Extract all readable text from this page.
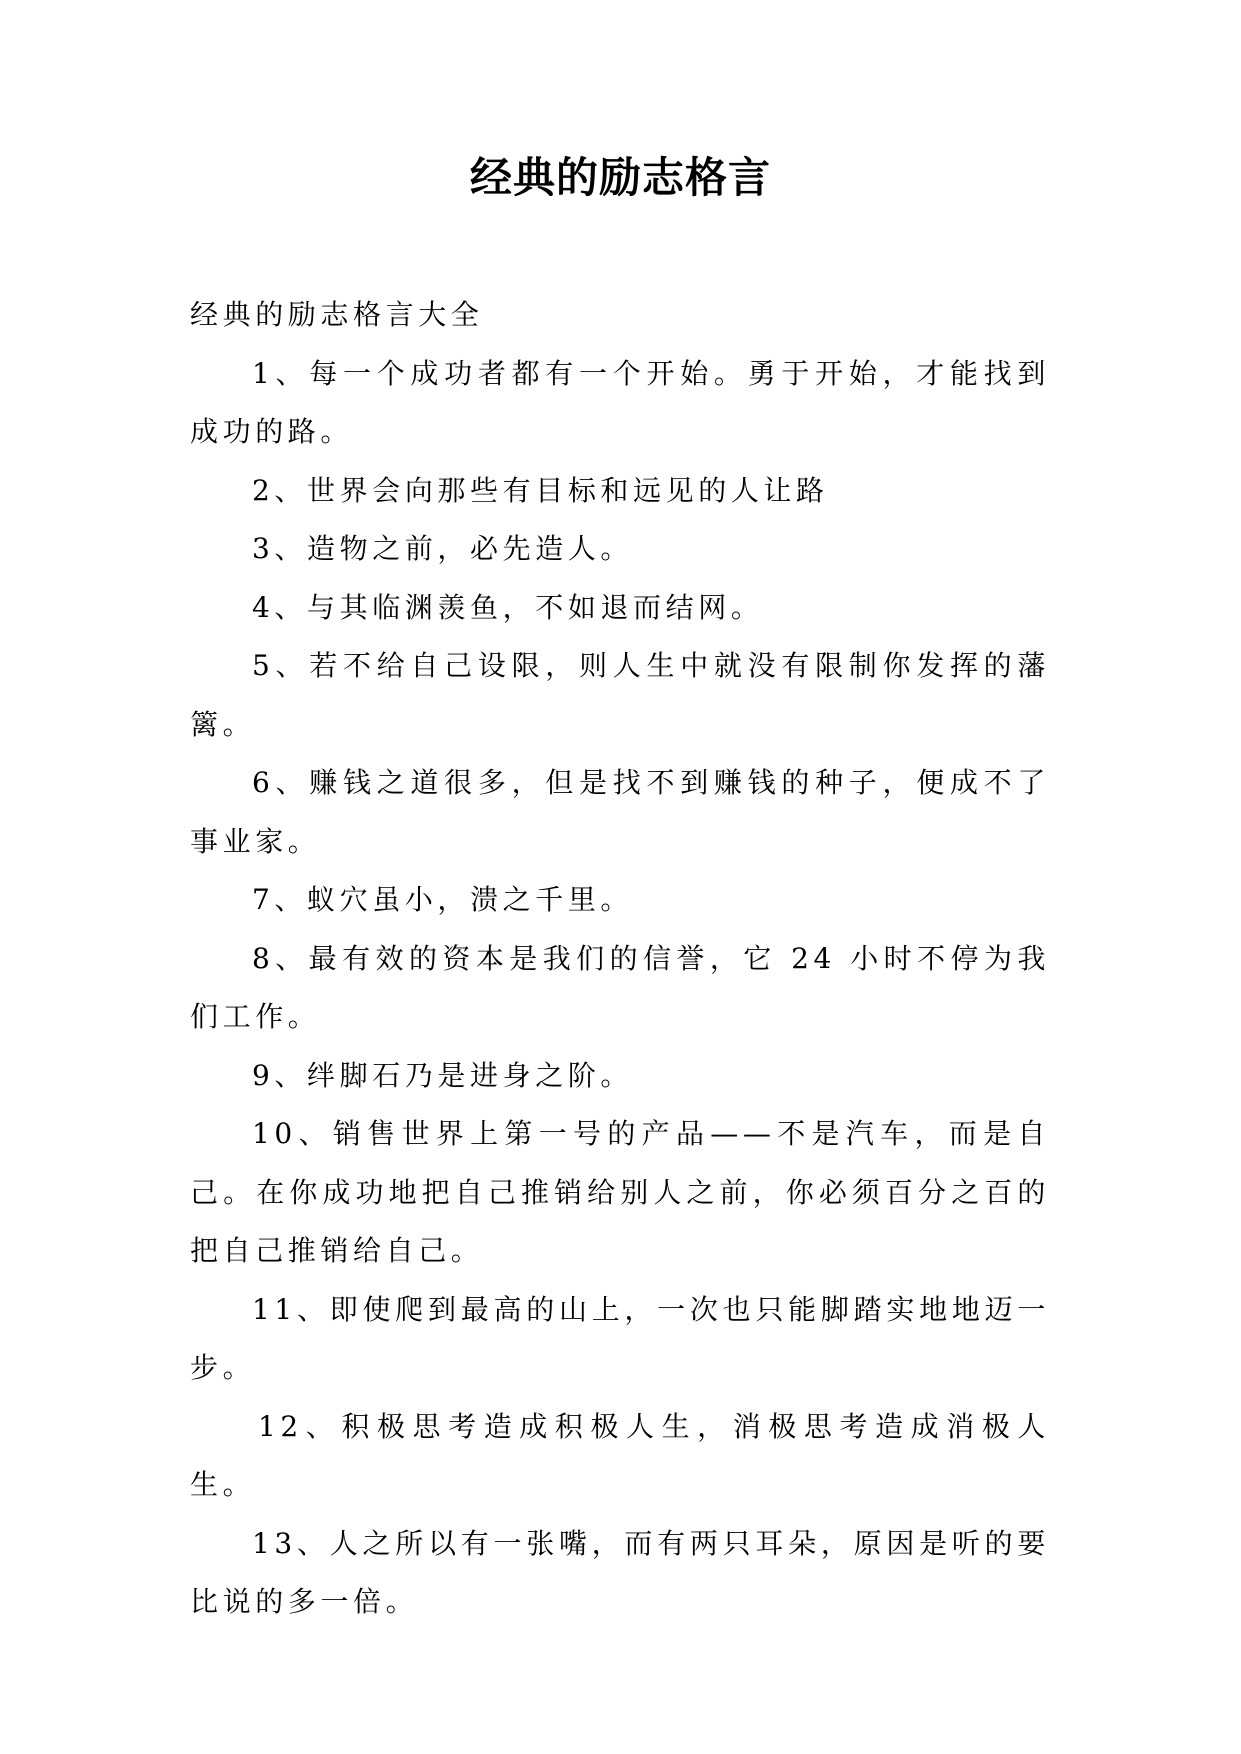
经典的励志格言

经典的励志格言大全

1、每一个成功者都有一个开始。勇于开始，才能找到成功的路。

2、世界会向那些有目标和远见的人让路

3、造物之前，必先造人。

4、与其临渊羡鱼，不如退而结网。

5、若不给自己设限，则人生中就没有限制你发挥的藩篱。

6、赚钱之道很多，但是找不到赚钱的种子，便成不了事业家。

7、蚁穴虽小，溃之千里。

8、最有效的资本是我们的信誉，它 24 小时不停为我们工作。

9、绊脚石乃是进身之阶。

10、销售世界上第一号的产品——不是汽车，而是自己。在你成功地把自己推销给别人之前，你必须百分之百的把自己推销给自己。

11、即使爬到最高的山上，一次也只能脚踏实地地迈一步。

12、积极思考造成积极人生，消极思考造成消极人生。

13、人之所以有一张嘴，而有两只耳朵，原因是听的要比说的多一倍。
